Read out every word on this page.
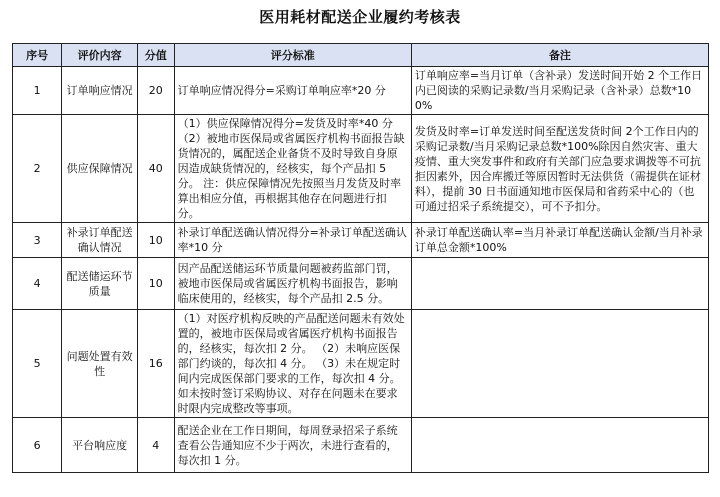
医用耗材配送企业履约考核表
序号	评价内容	分值	评分标准	备注
1	订单响应情况	20	订单响应情况得分=采购订单响应率*20 分	订单响应率=当月订单（含补录）发送时间开始 2 个工作日内已阅读的采购记录数/当月采购记录（含补录）总数*100%
2	供应保障情况	40	（1）供应保障情况得分=发货及时率*40 分 （2）被地市医保局或省属医疗机构书面报告缺货情况的，属配送企业备货不及时导致自身原因造成缺货情况的，经核实，每个产品扣 5 分。 注：供应保障情况先按照当月发货及时率算出相应分值，再根据其他存在问题进行扣分。	发货及时率=订单发送时间至配送发货时间 2个工作日内的采购记录数/当月采购记录总数*100%除因自然灾害、重大疫情、重大突发事件和政府有关部门应急要求调拨等不可抗拒因素外，因合库搬迁等原因暂时无法供货（需提供在证材料），提前 30 日书面通知地市医保局和省药采中心的（也可通过招采子系统提交），可不予扣分。
3	补录订单配送确认情况	10	补录订单配送确认情况得分=补录订单配送确认率*10 分	补录订单配送确认率=当月补录订单配送确认金额/当月补录订单总金额*100%
4	配送储运环节质量	10	因产品配送储运环节质量问题被药监部门罚，被地市医保局或省属医疗机构书面报告，影响临床使用的，经核实，每个产品扣 2.5 分。	
5	问题处置有效性	16	（1）对医疗机构反映的产品配送问题未有效处置的，被地市医保局或省属医疗机构书面报告的，经核实，每次扣 2 分。 （2）未响应医保部门约谈的，每次扣 4 分。 （3）未在规定时间内完成医保部门要求的工作，每次扣 4 分。如未按时签订采购协议、对存在问题未在要求时限内完成整改等事项。	
6	平台响应度	4	配送企业在工作日期间，每周登录招采子系统查看公告通知应不少于两次，未进行查看的，每次扣 1 分。	
